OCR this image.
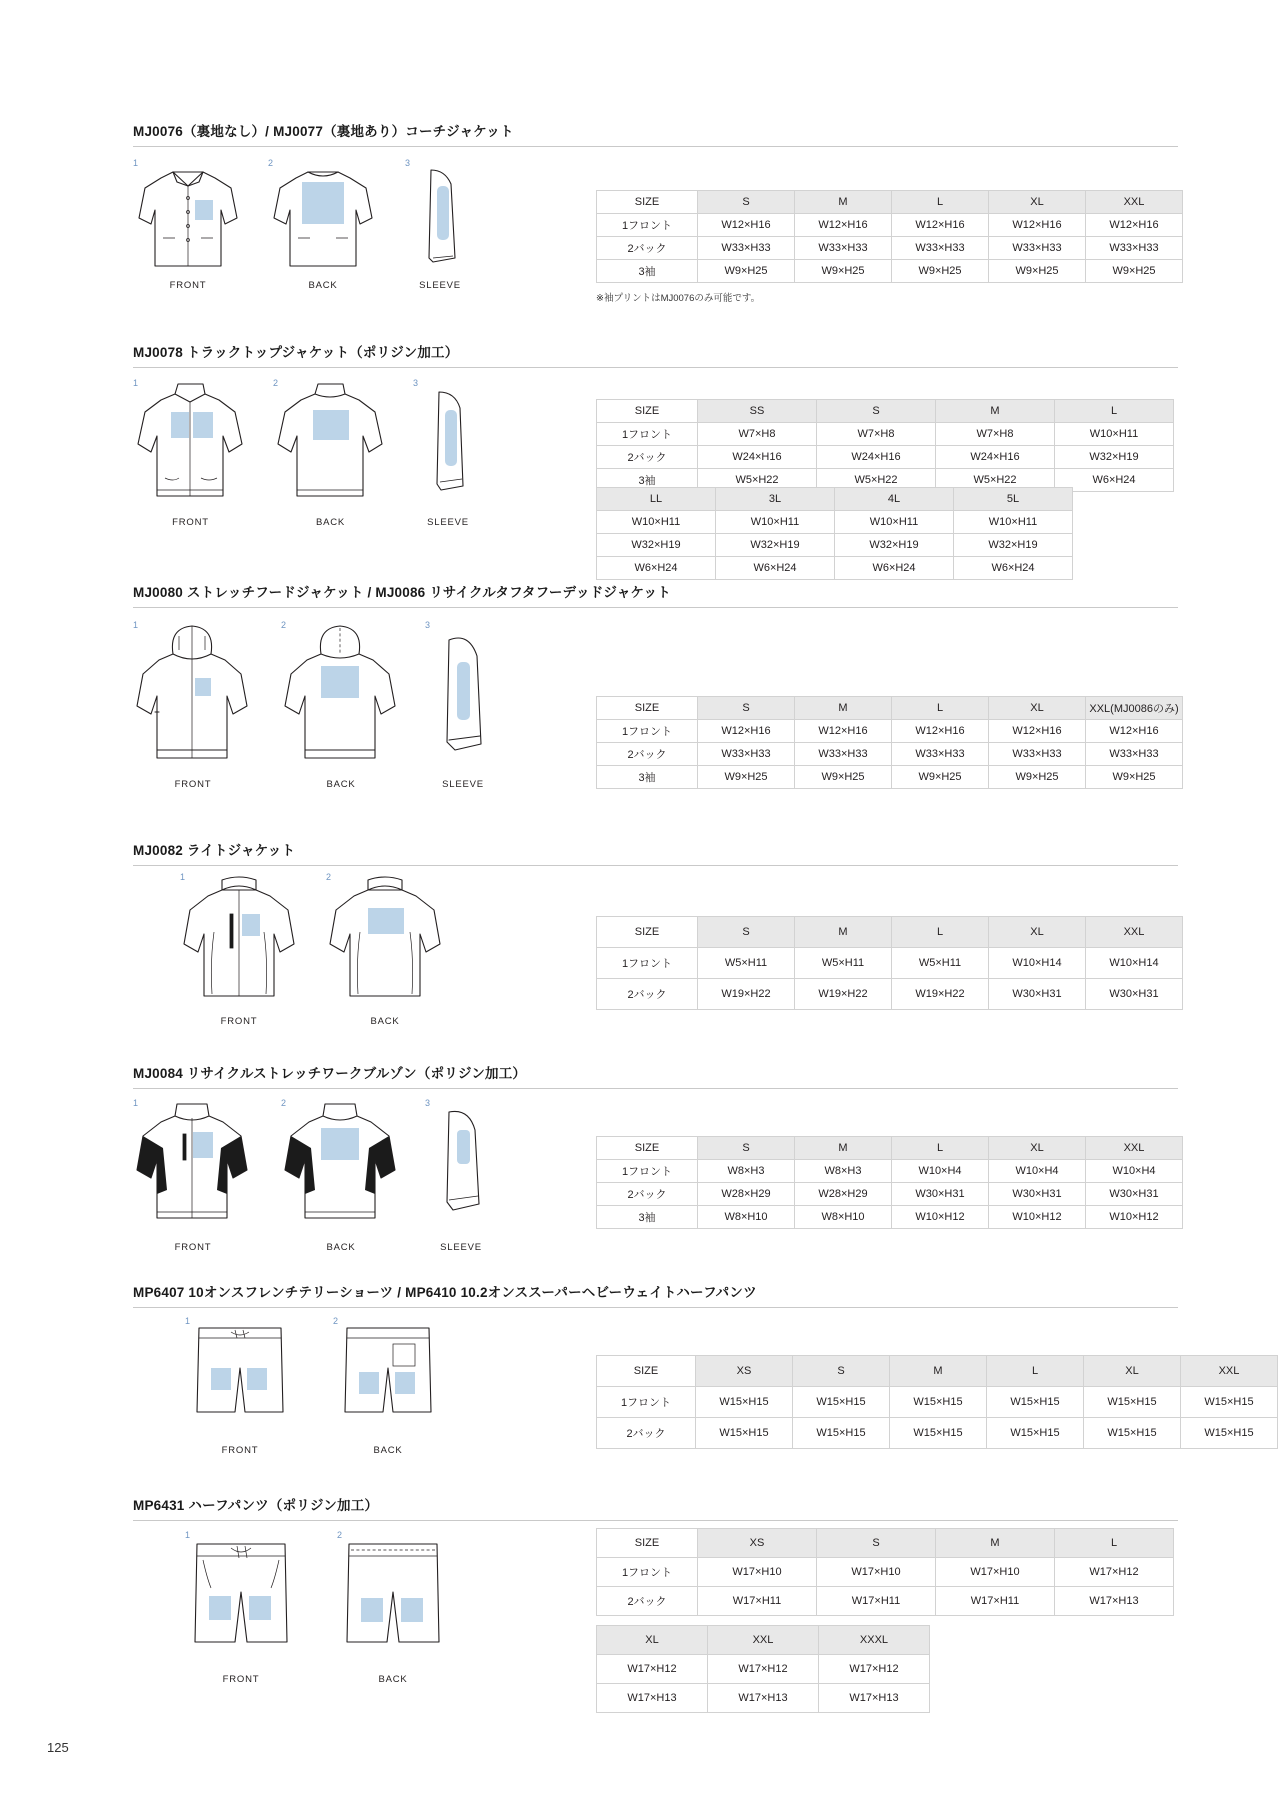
MJ0076（裏地なし）/ MJ0077（裏地あり）コーチジャケット
1
FRONT
2
BACK
3
SLEEVE
SIZE	S	M	L	XL	XXL
1フロント	W12×H16	W12×H16	W12×H16	W12×H16	W12×H16
2バック	W33×H33	W33×H33	W33×H33	W33×H33	W33×H33
3袖	W9×H25	W9×H25	W9×H25	W9×H25	W9×H25
※袖プリントはMJ0076のみ可能です。
MJ0078 トラックトップジャケット（ポリジン加工）
1
FRONT
2
BACK
3
SLEEVE
SIZE	SS	S	M	L
1フロント	W7×H8	W7×H8	W7×H8	W10×H11
2バック	W24×H16	W24×H16	W24×H16	W32×H19
3袖	W5×H22	W5×H22	W5×H22	W6×H24
LL	3L	4L	5L
W10×H11	W10×H11	W10×H11	W10×H11
W32×H19	W32×H19	W32×H19	W32×H19
W6×H24	W6×H24	W6×H24	W6×H24
MJ0080 ストレッチフードジャケット / MJ0086 リサイクルタフタフーデッドジャケット
1
FRONT
2
BACK
3
SLEEVE
SIZE	S	M	L	XL	XXL(MJ0086のみ)
1フロント	W12×H16	W12×H16	W12×H16	W12×H16	W12×H16
2バック	W33×H33	W33×H33	W33×H33	W33×H33	W33×H33
3袖	W9×H25	W9×H25	W9×H25	W9×H25	W9×H25
MJ0082 ライトジャケット
1
FRONT
2
BACK
SIZE	S	M	L	XL	XXL
1フロント	W5×H11	W5×H11	W5×H11	W10×H14	W10×H14
2バック	W19×H22	W19×H22	W19×H22	W30×H31	W30×H31
MJ0084 リサイクルストレッチワークブルゾン（ポリジン加工）
1
FRONT
2
BACK
3
SLEEVE
SIZE	S	M	L	XL	XXL
1フロント	W8×H3	W8×H3	W10×H4	W10×H4	W10×H4
2バック	W28×H29	W28×H29	W30×H31	W30×H31	W30×H31
3袖	W8×H10	W8×H10	W10×H12	W10×H12	W10×H12
MP6407 10オンスフレンチテリーショーツ / MP6410 10.2オンススーパーヘビーウェイトハーフパンツ
1
FRONT
2
BACK
SIZE	XS	S	M	L	XL	XXL
1フロント	W15×H15	W15×H15	W15×H15	W15×H15	W15×H15	W15×H15
2バック	W15×H15	W15×H15	W15×H15	W15×H15	W15×H15	W15×H15
MP6431 ハーフパンツ（ポリジン加工）
1
FRONT
2
BACK
SIZE	XS	S	M	L
1フロント	W17×H10	W17×H10	W17×H10	W17×H12
2バック	W17×H11	W17×H11	W17×H11	W17×H13
XL	XXL	XXXL
W17×H12	W17×H12	W17×H12
W17×H13	W17×H13	W17×H13
125
